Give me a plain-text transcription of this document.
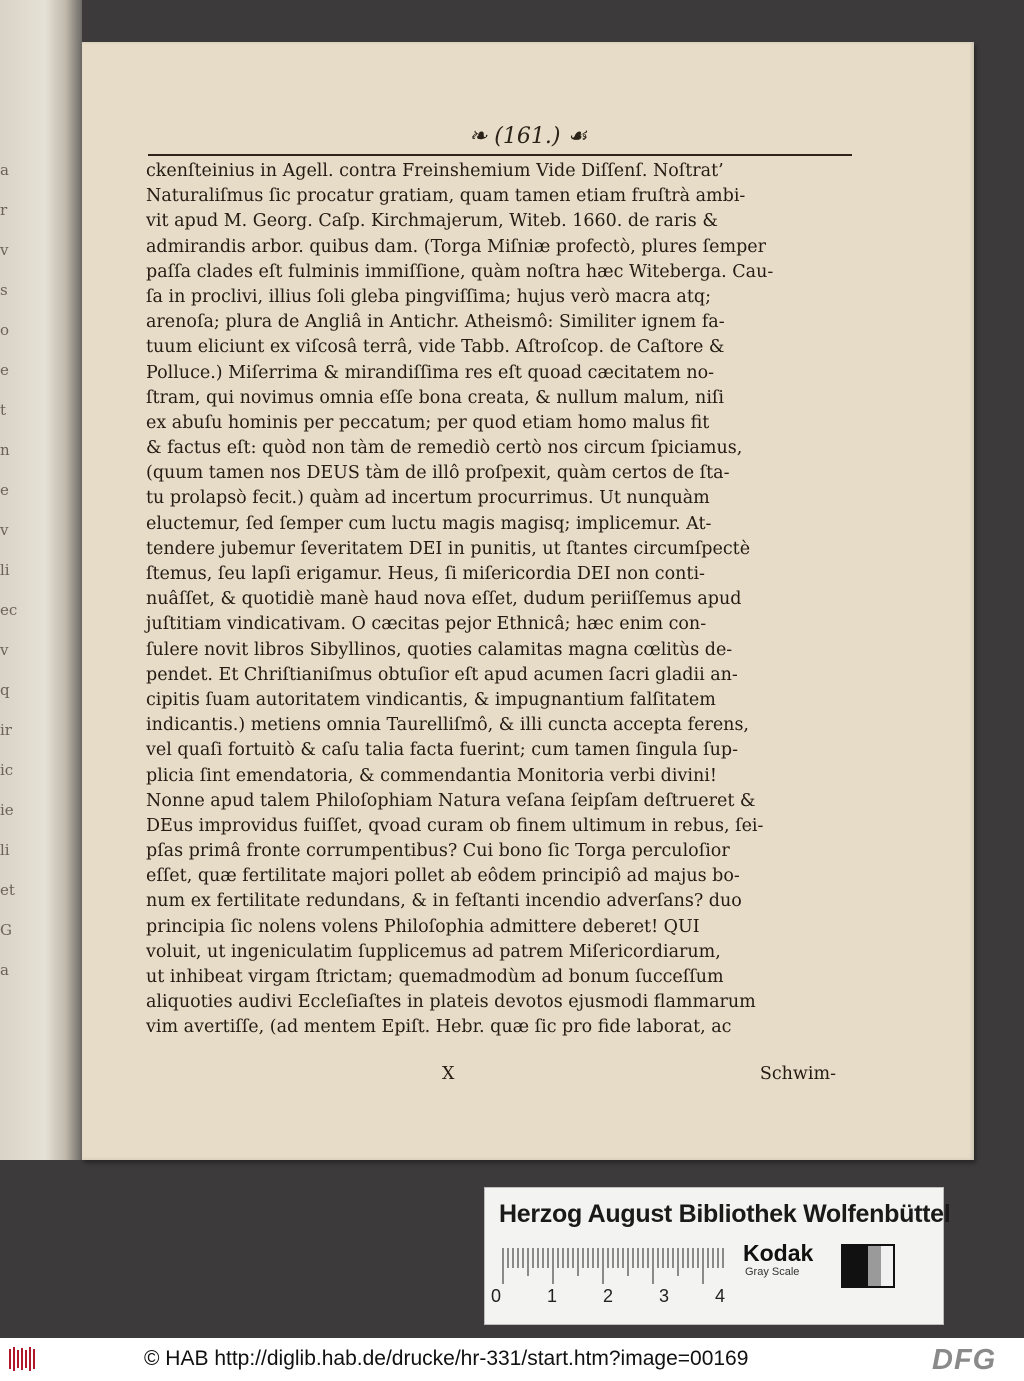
a
r
v
s
o
e
t
n
e
v
li
ec
v
q
ir
ic
ie
li
et
G
a
❧ (161.) ☙
ckenſteinius in Agell. contra Freinshemium Vide Diſſenſ. Noſtrat’
Naturaliſmus ſic procatur gratiam, quam tamen etiam fruſtrà ambi-
vit apud M. Georg. Caſp. Kirchmajerum, Witeb. 1660. de raris &
admirandis arbor. quibus dam. (Torga Miſniæ profectò, plures ſemper
paſſa clades eſt fulminis immiſſione, quàm noſtra hæc Witeberga. Cau-
ſa in proclivi, illius ſoli gleba pingviſſima; hujus verò macra atq;
arenoſa; plura de Angliâ in Antichr. Atheismô: Similiter ignem fa-
tuum eliciunt ex viſcosâ terrâ, vide Tabb. Aſtroſcop. de Caſtore &
Polluce.) Miſerrima & mirandiſſima res eſt quoad cæcitatem no-
ſtram, qui novimus omnia eſſe bona creata, & nullum malum, niſi
ex abuſu hominis per peccatum; per quod etiam homo malus fit
& factus eſt: quòd non tàm de remediò certò nos circum ſpiciamus,
(quum tamen nos DEUS tàm de illô proſpexit, quàm certos de ſta-
tu prolapsò fecit.) quàm ad incertum procurrimus. Ut nunquàm
eluctemur, ſed ſemper cum luctu magis magisq; implicemur. At-
tendere jubemur ſeveritatem DEI in punitis, ut ſtantes circumſpectè
ſtemus, ſeu lapſi erigamur. Heus, ſi miſericordia DEI non conti-
nuâſſet, & quotidiè manè haud nova eſſet, dudum periiſſemus apud
juſtitiam vindicativam. O cæcitas pejor Ethnicâ; hæc enim con-
ſulere novit libros Sibyllinos, quoties calamitas magna cœlitùs de-
pendet. Et Chriſtianiſmus obtuſior eſt apud acumen ſacri gladii an-
cipitis ſuam autoritatem vindicantis, & impugnantium falſitatem
indicantis.) metiens omnia Taurelliſmô, & illi cuncta accepta ferens,
vel quaſi fortuitò & caſu talia facta fuerint; cum tamen ſingula ſup-
plicia ſint emendatoria, & commendantia Monitoria verbi divini!
Nonne apud talem Philoſophiam Natura veſana ſeipſam deſtrueret &
DEus improvidus fuiſſet, qvoad curam ob finem ultimum in rebus, ſei-
pſas primâ fronte corrumpentibus? Cui bono ſic Torga perculoſior
eſſet, quæ fertilitate majori pollet ab eôdem principiô ad majus bo-
num ex fertilitate redundans, & in feſtanti incendio adverſans? duo
principia ſic nolens volens Philoſophia admittere deberet! QUI
voluit, ut ingeniculatim ſupplicemus ad patrem Miſericordiarum,
ut inhibeat virgam ſtrictam; quemadmodùm ad bonum ſucceſſum
aliquoties audivi Eccleſiaſtes in plateis devotos ejusmodi flammarum
vim avertiſſe, (ad mentem Epiſt. Hebr. quæ ſic pro fide laborat, ac
X	Schwim-
Herzog August Bibliothek Wolfenbüttel
0	1	2	3	4
Kodak
Gray Scale
© HAB http://diglib.hab.de/drucke/hr-331/start.htm?image=00169	DFG
